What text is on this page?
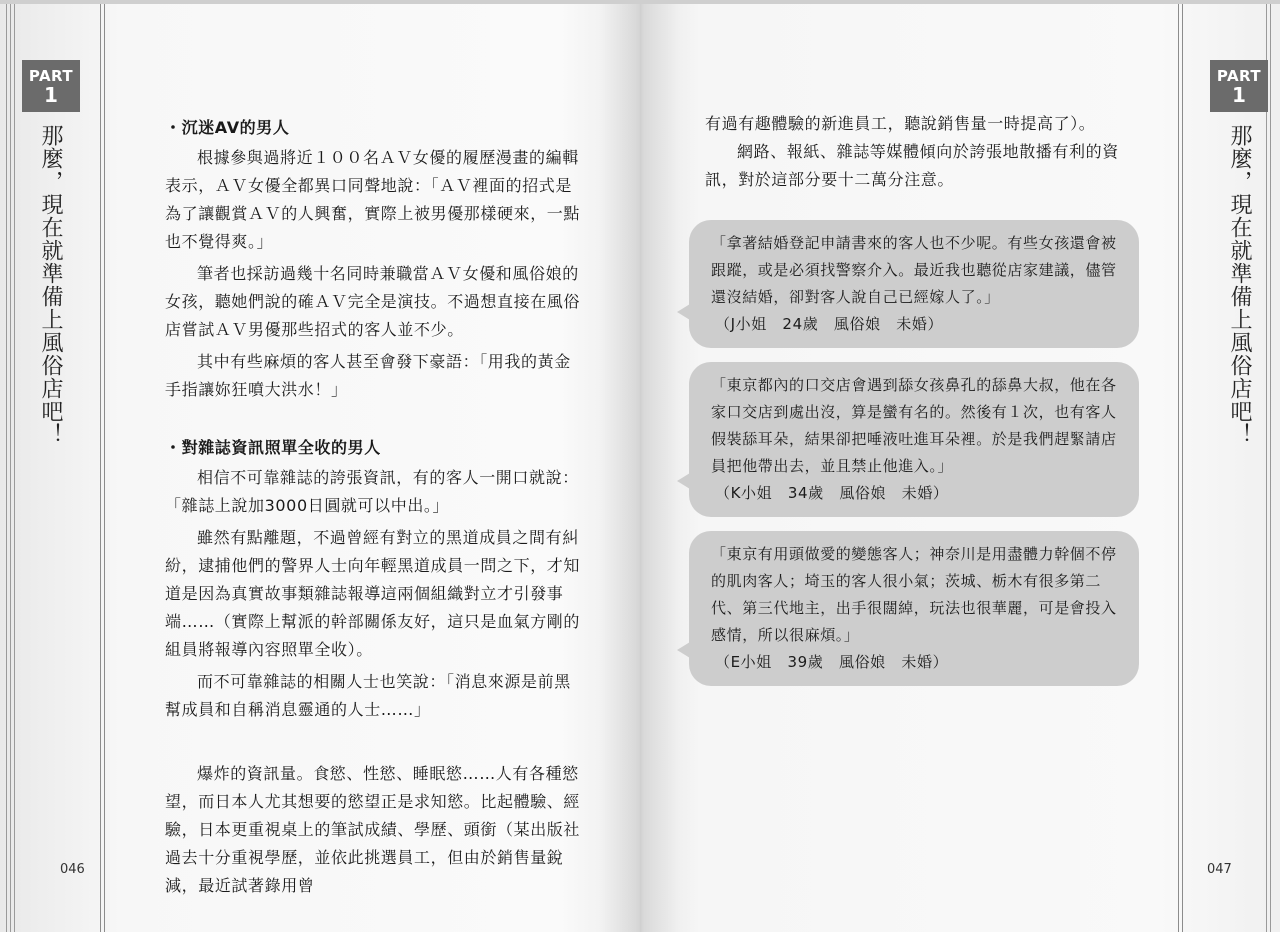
PART
1
那麼，現在就準備上風俗店吧！	・沉迷AV的男人

根據參與過將近１００名ＡＶ女優的履歷漫畫的編輯表示，ＡＶ女優全都異口同聲地說：「ＡＶ裡面的招式是為了讓觀賞ＡＶ的人興奮，實際上被男優那樣硬來，一點也不覺得爽。」

筆者也採訪過幾十名同時兼職當ＡＶ女優和風俗娘的女孩，聽她們說的確ＡＶ完全是演技。不過想直接在風俗店嘗試ＡＶ男優那些招式的客人並不少。

其中有些麻煩的客人甚至會發下豪語：「用我的黃金手指讓妳狂噴大洪水！」

・對雜誌資訊照單全收的男人

相信不可靠雜誌的誇張資訊，有的客人一開口就說：「雜誌上說加3000日圓就可以中出。」

雖然有點離題，不過曾經有對立的黑道成員之間有糾紛，逮捕他們的警界人士向年輕黑道成員一問之下，才知道是因為真實故事類雜誌報導這兩個組織對立才引發事端……（實際上幫派的幹部關係友好，這只是血氣方剛的組員將報導內容照單全收）。

而不可靠雜誌的相關人士也笑說：「消息來源是前黑幫成員和自稱消息靈通的人士……」

爆炸的資訊量。食慾、性慾、睡眠慾……人有各種慾望，而日本人尤其想要的慾望正是求知慾。比起體驗、經驗，日本更重視桌上的筆試成績、學歷、頭銜（某出版社過去十分重視學歷，並依此挑選員工，但由於銷售量銳減，最近試著錄用曾

046
PART
1
那麼，現在就準備上風俗店吧！
047

有過有趣體驗的新進員工，聽說銷售量一時提高了）。

網路、報紙、雜誌等媒體傾向於誇張地散播有利的資訊，對於這部分要十二萬分注意。

「拿著結婚登記申請書來的客人也不少呢。有些女孩還會被跟蹤，或是必須找警察介入。最近我也聽從店家建議，儘管還沒結婚，卻對客人說自己已經嫁人了。」

（J小姐　24歲　風俗娘　未婚）

「東京都內的口交店會遇到舔女孩鼻孔的舔鼻大叔，他在各家口交店到處出沒，算是蠻有名的。然後有１次，也有客人假裝舔耳朵，結果卻把唾液吐進耳朵裡。於是我們趕緊請店員把他帶出去，並且禁止他進入。」

（K小姐　34歲　風俗娘　未婚）

「東京有用頭做愛的變態客人；神奈川是用盡體力幹個不停的肌肉客人；埼玉的客人很小氣；茨城、栃木有很多第二代、第三代地主，出手很闊綽，玩法也很華麗，可是會投入感情，所以很麻煩。」

（E小姐　39歲　風俗娘　未婚）
